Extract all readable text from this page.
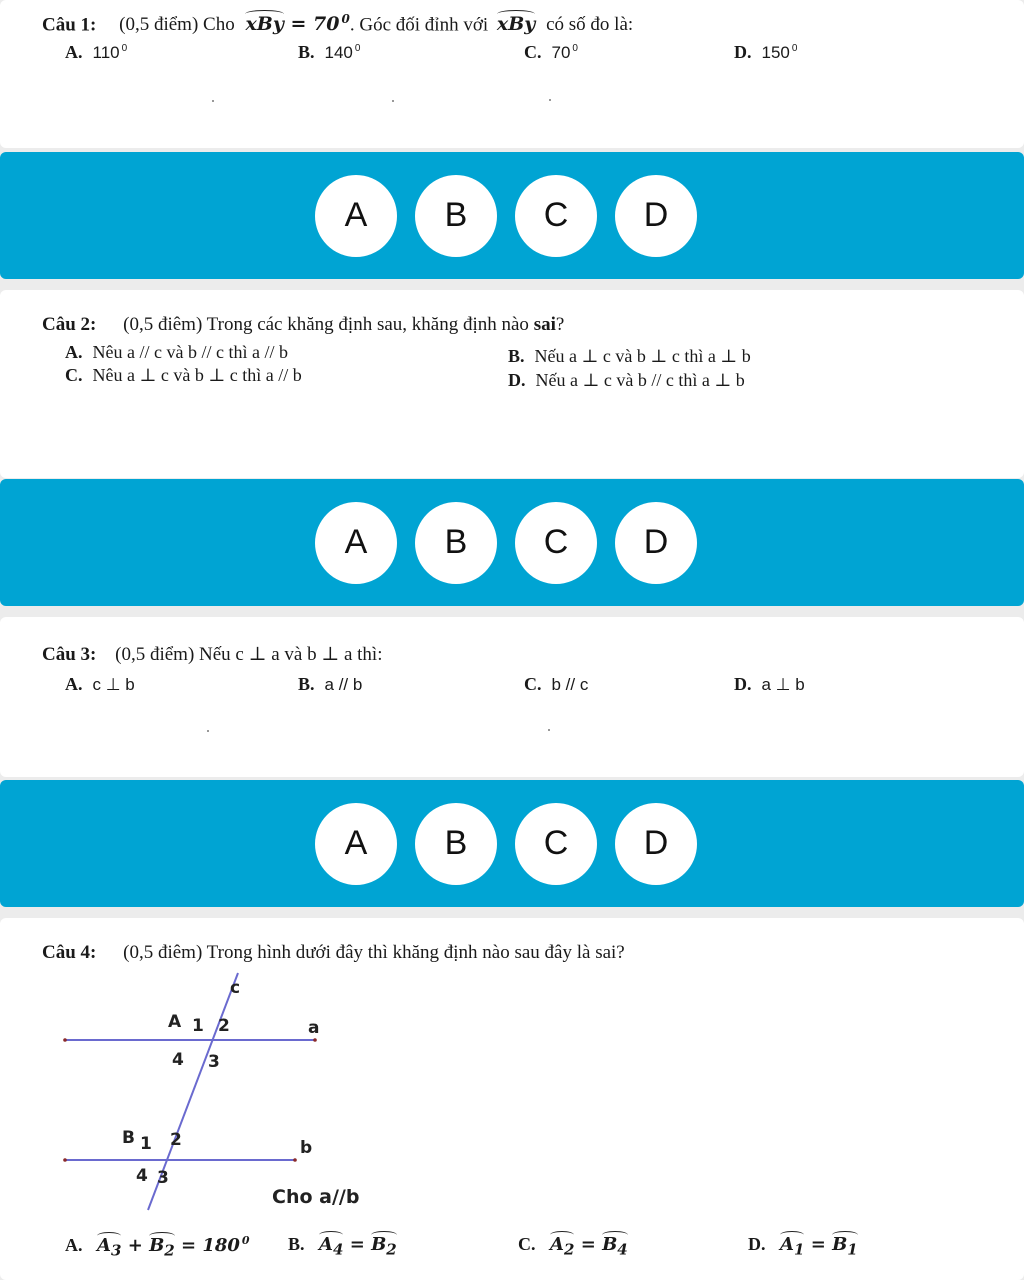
Câu 1: (0,5 điểm) Cho xBy = 70 $^0$. Góc đối đỉnh với xBy có số đo là:
A. 110 $^0$	B. 140 $^0$	C. 70 $^0$	D. 150 $^0$
A	B	C	D
Câu 2: (0,5 điêm) Trong các khăng định sau, khăng định nào sai?
A. Nêu a // c và b // c thì a // b	B. Nếu a ⊥ c và b ⊥ c thì a ⊥ b
C. Nêu a ⊥ c và b ⊥ c thì a // b	D. Nếu a ⊥ c và b // c thì a ⊥ b
A	B	C	D
Câu 3: (0,5 điểm) Nếu c ⊥ a và b ⊥ a thì:
A. c ⊥ b	B. a // b	C. b // c	D. a ⊥ b
A	B	C	D
Câu 4: (0,5 điêm) Trong hình dưới đây thì khăng định nào sau đây là sai?
c
A 1 2	a
4 3
B 1 2	b
4 3
Cho a//b
A. $A_3 + B_2 = 180$ $^0$ B. $A_4 = B_2$	C. $A_2 = B_4$	D. $A_1 = B_1$
